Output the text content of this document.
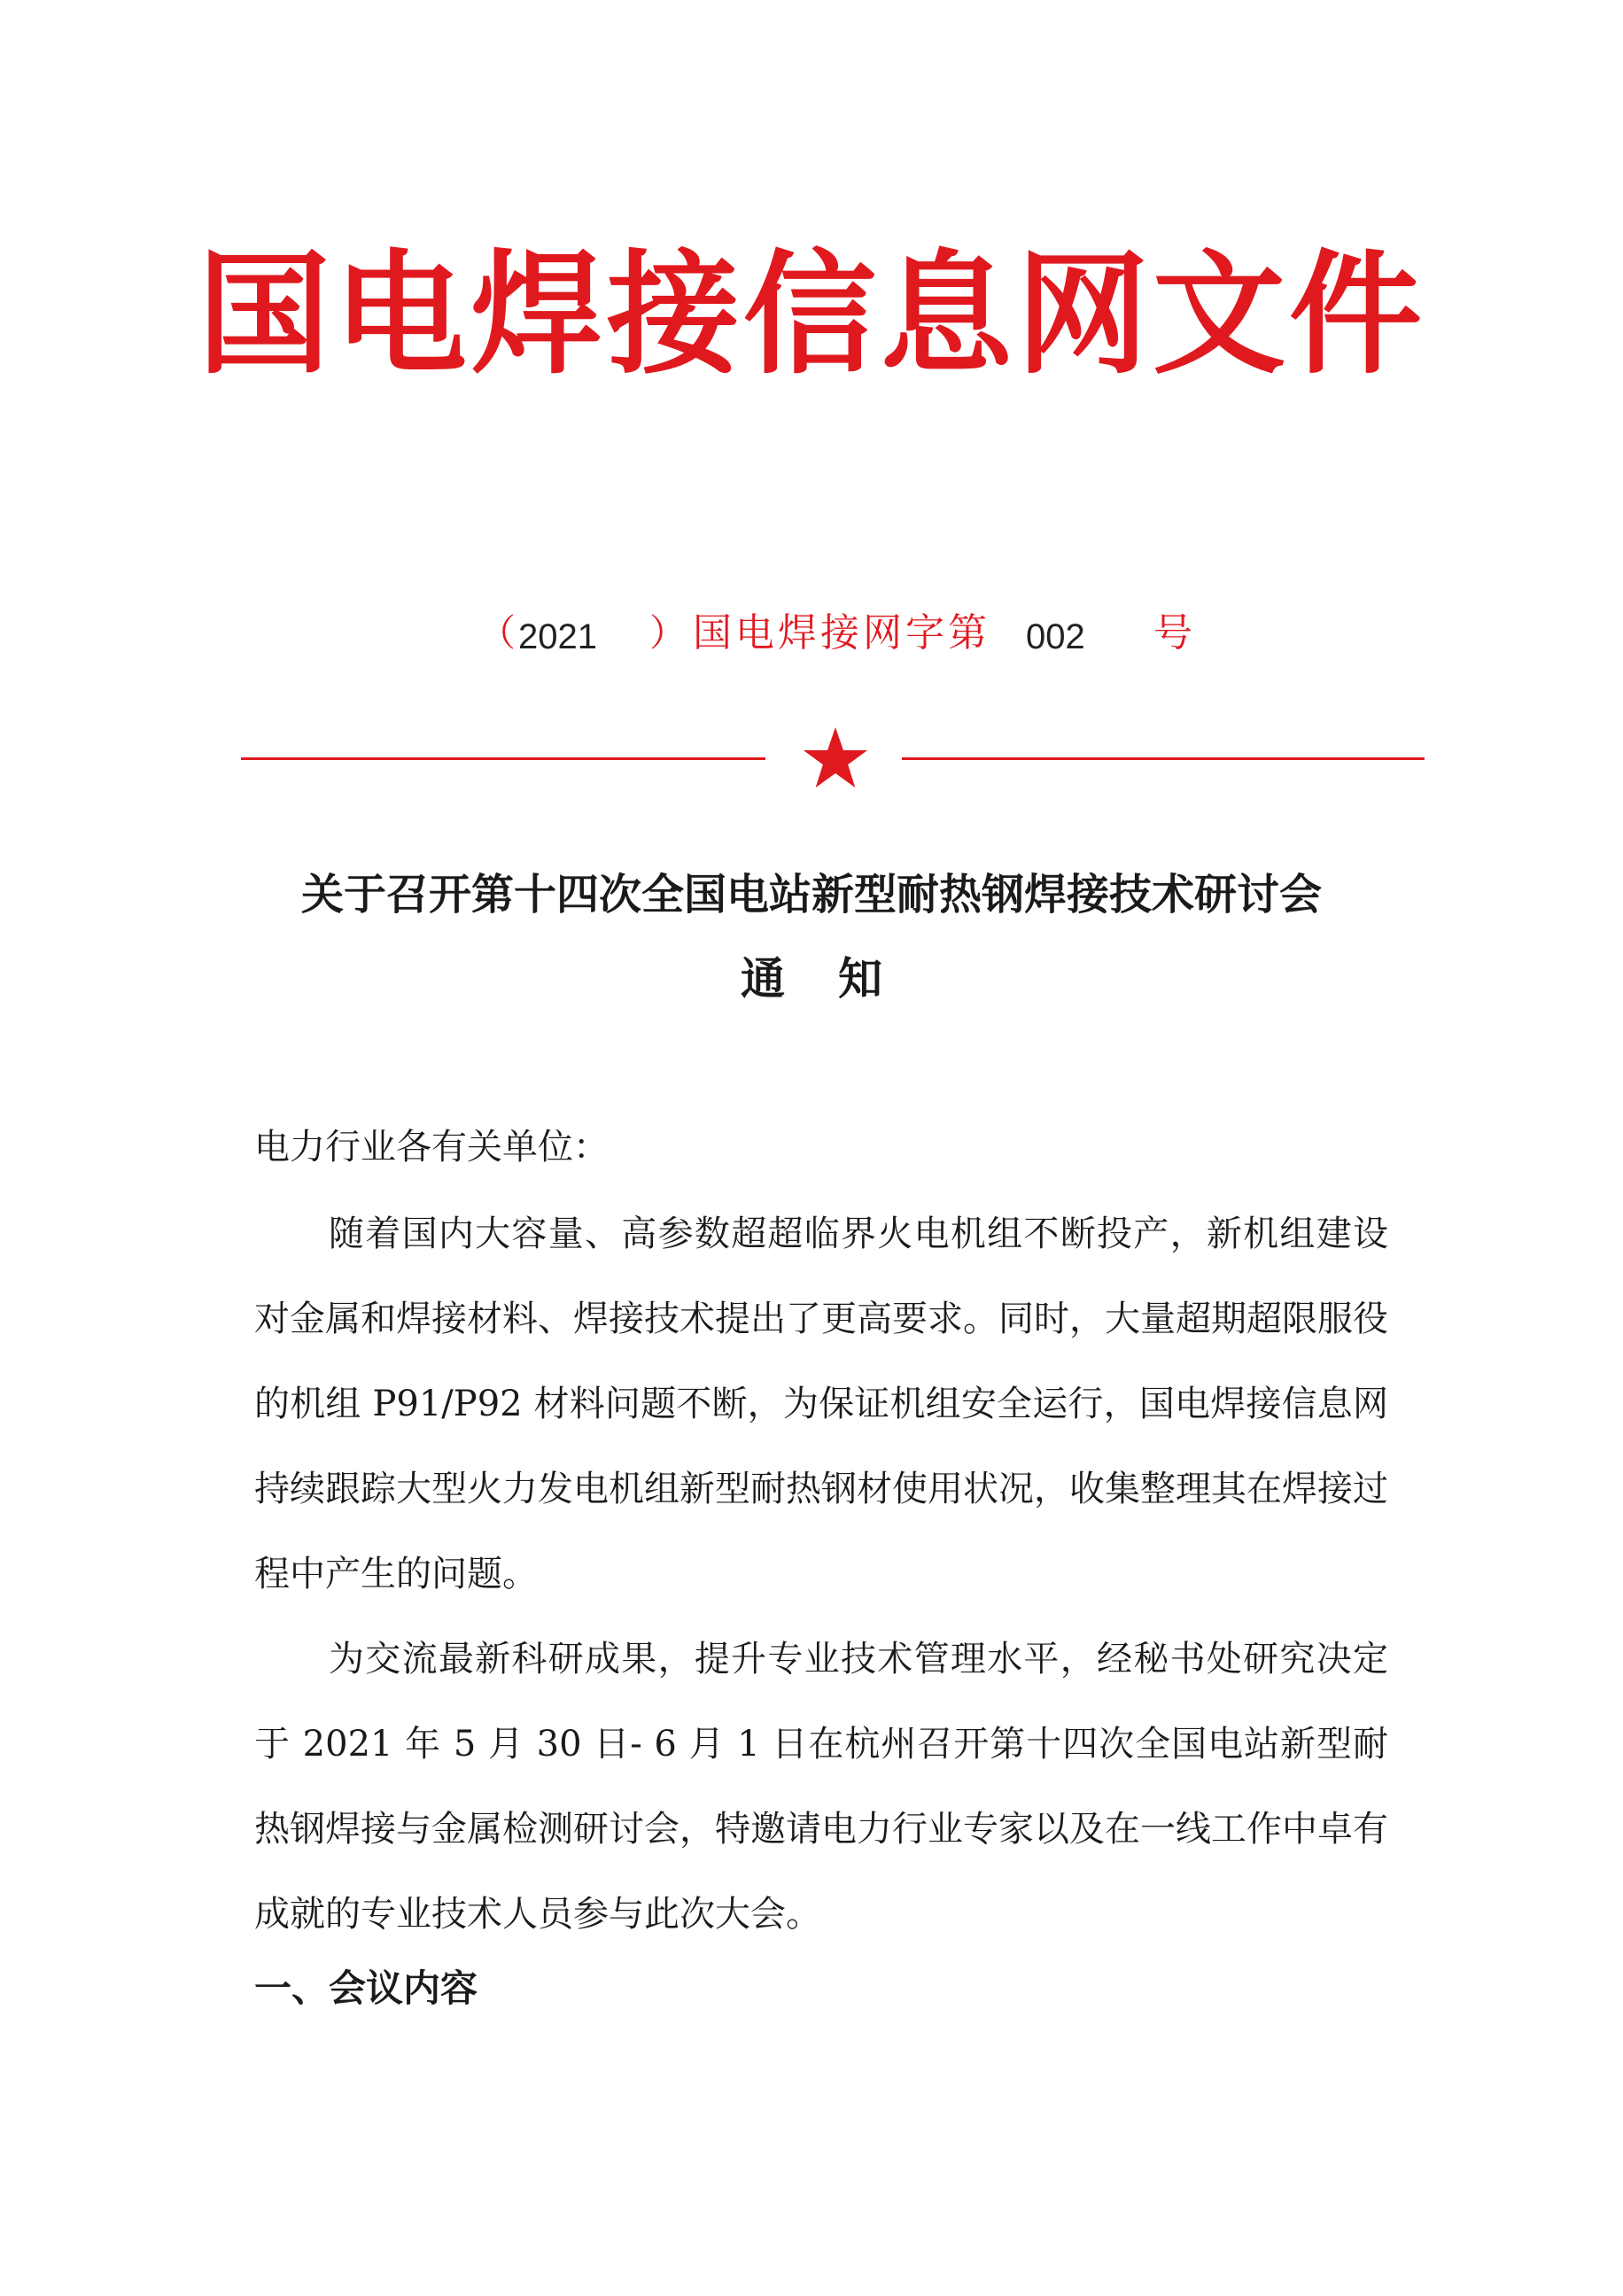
国电焊接信息网文件
（ 2021 ） 国电焊接网字第 002 号
关于召开第十四次全国电站新型耐热钢焊接技术研讨会
通知
电力行业各有关单位：

随着国内大容量、高参数超超临界火电机组不断投产，新机组建设对金属和焊接材料、焊接技术提出了更高要求。同时，大量超期超限服役的机组 P91/P92 材料问题不断，为保证机组安全运行，国电焊接信息网持续跟踪大型火力发电机组新型耐热钢材使用状况，收集整理其在焊接过程中产生的问题。

为交流最新科研成果，提升专业技术管理水平，经秘书处研究决定于 2021 年 5 月 30 日- 6 月 1 日在杭州召开第十四次全国电站新型耐热钢焊接与金属检测研讨会，特邀请电力行业专家以及在一线工作中卓有成就的专业技术人员参与此次大会。

一、会议内容
